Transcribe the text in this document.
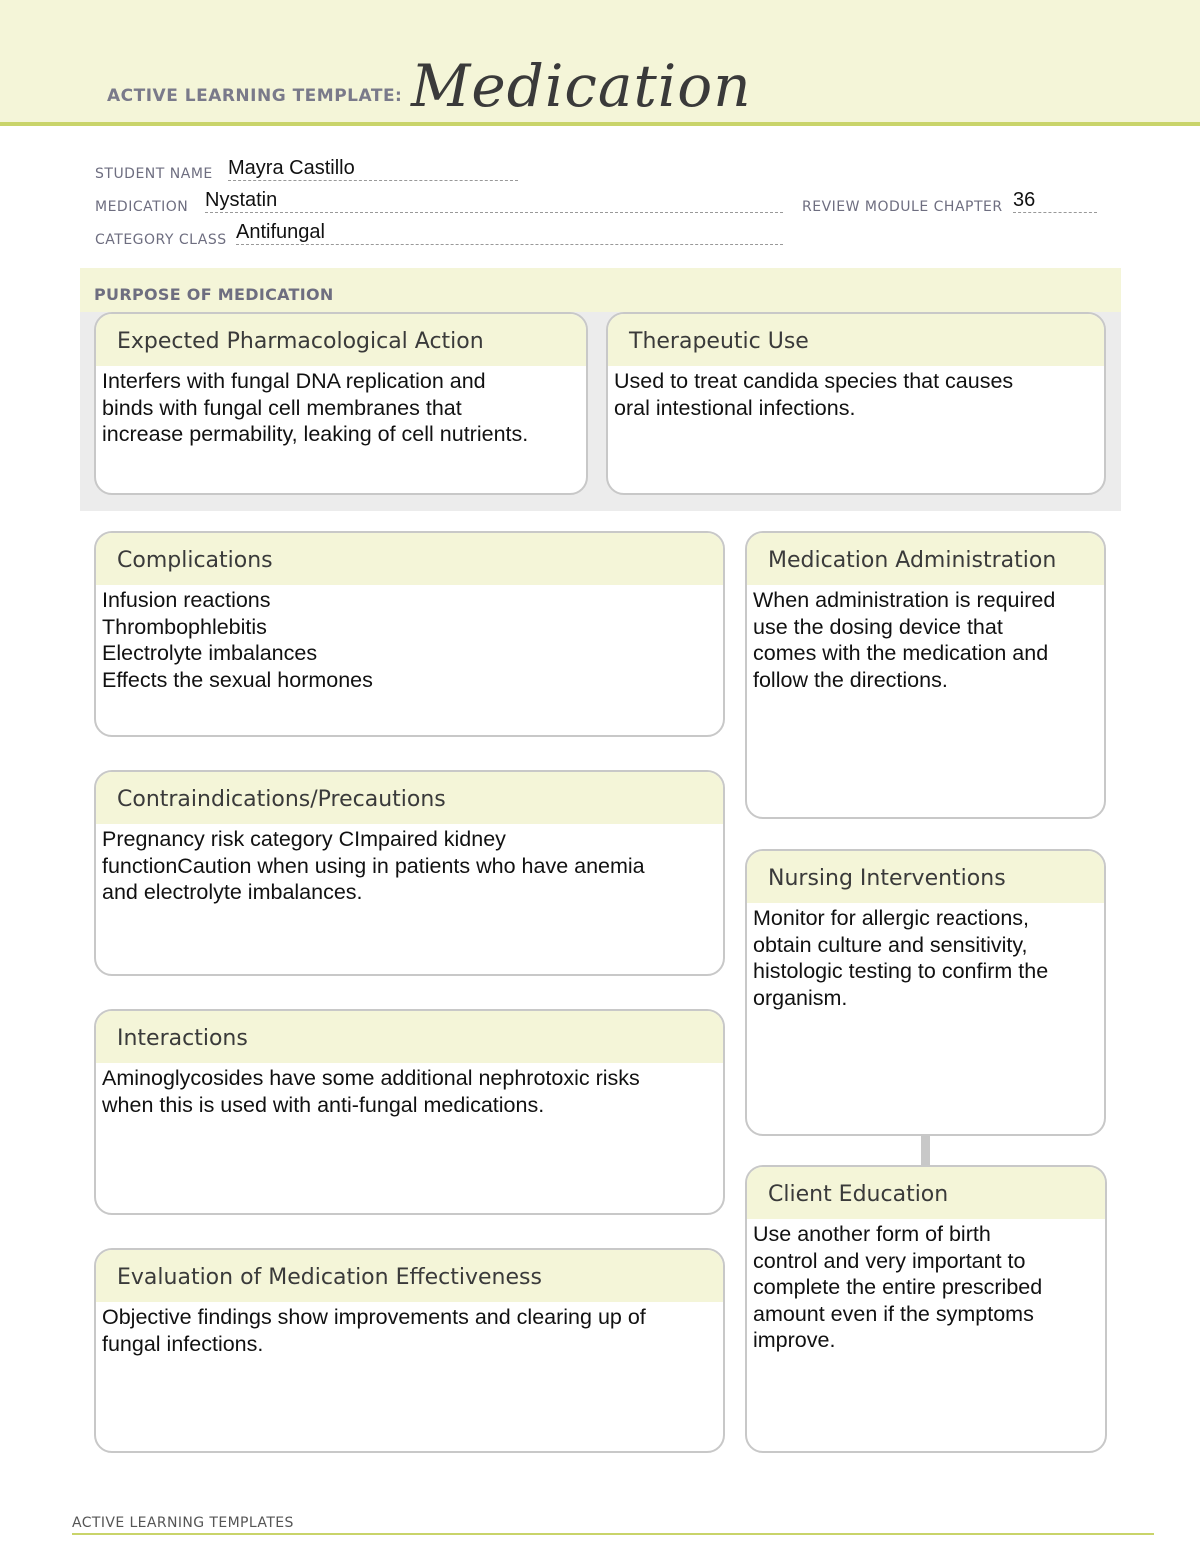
ACTIVE LEARNING TEMPLATE: Medication
STUDENT NAME Mayra Castillo
MEDICATION Nystatin	REVIEW MODULE CHAPTER 36
CATEGORY CLASS Antifungal
PURPOSE OF MEDICATION
Expected Pharmacological Action
Interfers with fungal DNA replication and
binds with fungal cell membranes that
increase permability, leaking of cell nutrients.
Therapeutic Use
Used to treat candida species that causes
oral intestional infections.
Complications
Infusion reactions
Thrombophlebitis
Electrolyte imbalances
Effects the sexual hormones
Contraindications/Precautions
Pregnancy risk category CImpaired kidney
functionCaution when using in patients who have anemia
and electrolyte imbalances.
Interactions
Aminoglycosides have some additional nephrotoxic risks
when this is used with anti-fungal medications.
Evaluation of Medication Effectiveness
Objective findings show improvements and clearing up of
fungal infections.
Medication Administration
When administration is required
use the dosing device that
comes with the medication and
follow the directions.
Nursing Interventions
Monitor for allergic reactions,
obtain culture and sensitivity,
histologic testing to confirm the
organism.
Client Education
Use another form of birth
control and very important to
complete the entire prescribed
amount even if the symptoms
improve.
ACTIVE LEARNING TEMPLATES
